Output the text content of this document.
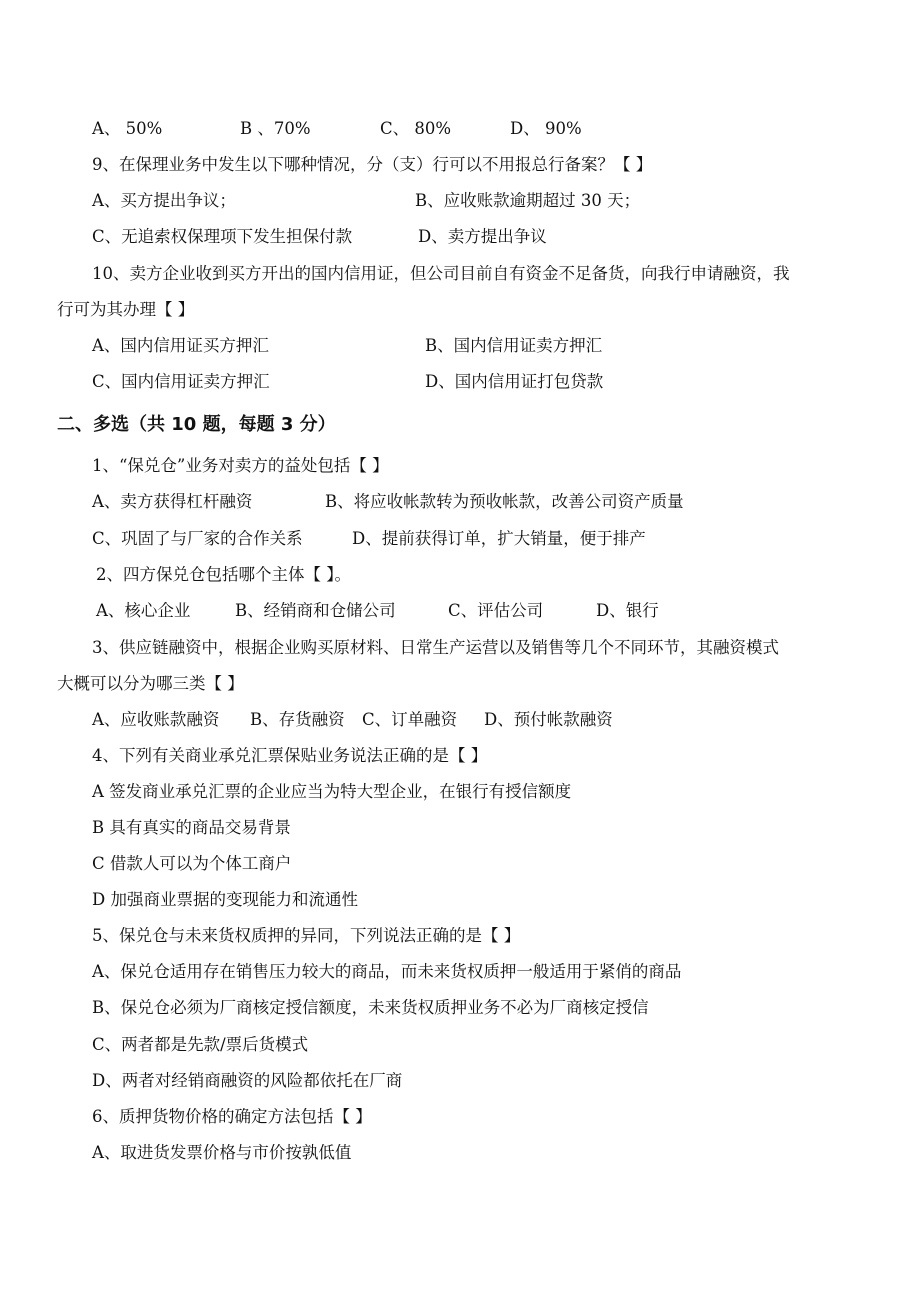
A、 50%	B 、70%	C、 80%	D、 90%
9、在保理业务中发生以下哪种情况，分（支）行可以不用报总行备案？【 】
A、买方提出争议；	B、应收账款逾期超过 30 天；
C、无追索权保理项下发生担保付款	D、卖方提出争议
10、卖方企业收到买方开出的国内信用证，但公司目前自有资金不足备货，向我行申请融资，我
行可为其办理【 】
A、国内信用证买方押汇	B、国内信用证卖方押汇
C、国内信用证卖方押汇	D、国内信用证打包贷款
二、多选（共 10 题，每题 3 分）
1、“保兑仓”业务对卖方的益处包括【 】
A、卖方获得杠杆融资	B、将应收帐款转为预收帐款，改善公司资产质量
C、巩固了与厂家的合作关系	D、提前获得订单，扩大销量，便于排产
2、四方保兑仓包括哪个主体【 】。
A、核心企业	B、经销商和仓储公司	C、评估公司	D、银行
3、供应链融资中，根据企业购买原材料、日常生产运营以及销售等几个不同环节，其融资模式
大概可以分为哪三类【 】
A、应收账款融资 B、存货融资 C、订单融资 D、预付帐款融资
4、下列有关商业承兑汇票保贴业务说法正确的是【 】
A 签发商业承兑汇票的企业应当为特大型企业，在银行有授信额度
B 具有真实的商品交易背景
C 借款人可以为个体工商户
D 加强商业票据的变现能力和流通性
5、保兑仓与未来货权质押的异同，下列说法正确的是【 】
A、保兑仓适用存在销售压力较大的商品，而未来货权质押一般适用于紧俏的商品
B、保兑仓必须为厂商核定授信额度，未来货权质押业务不必为厂商核定授信
C、两者都是先款/票后货模式
D、两者对经销商融资的风险都依托在厂商
6、质押货物价格的确定方法包括【 】
A、取进货发票价格与市价按孰低值
